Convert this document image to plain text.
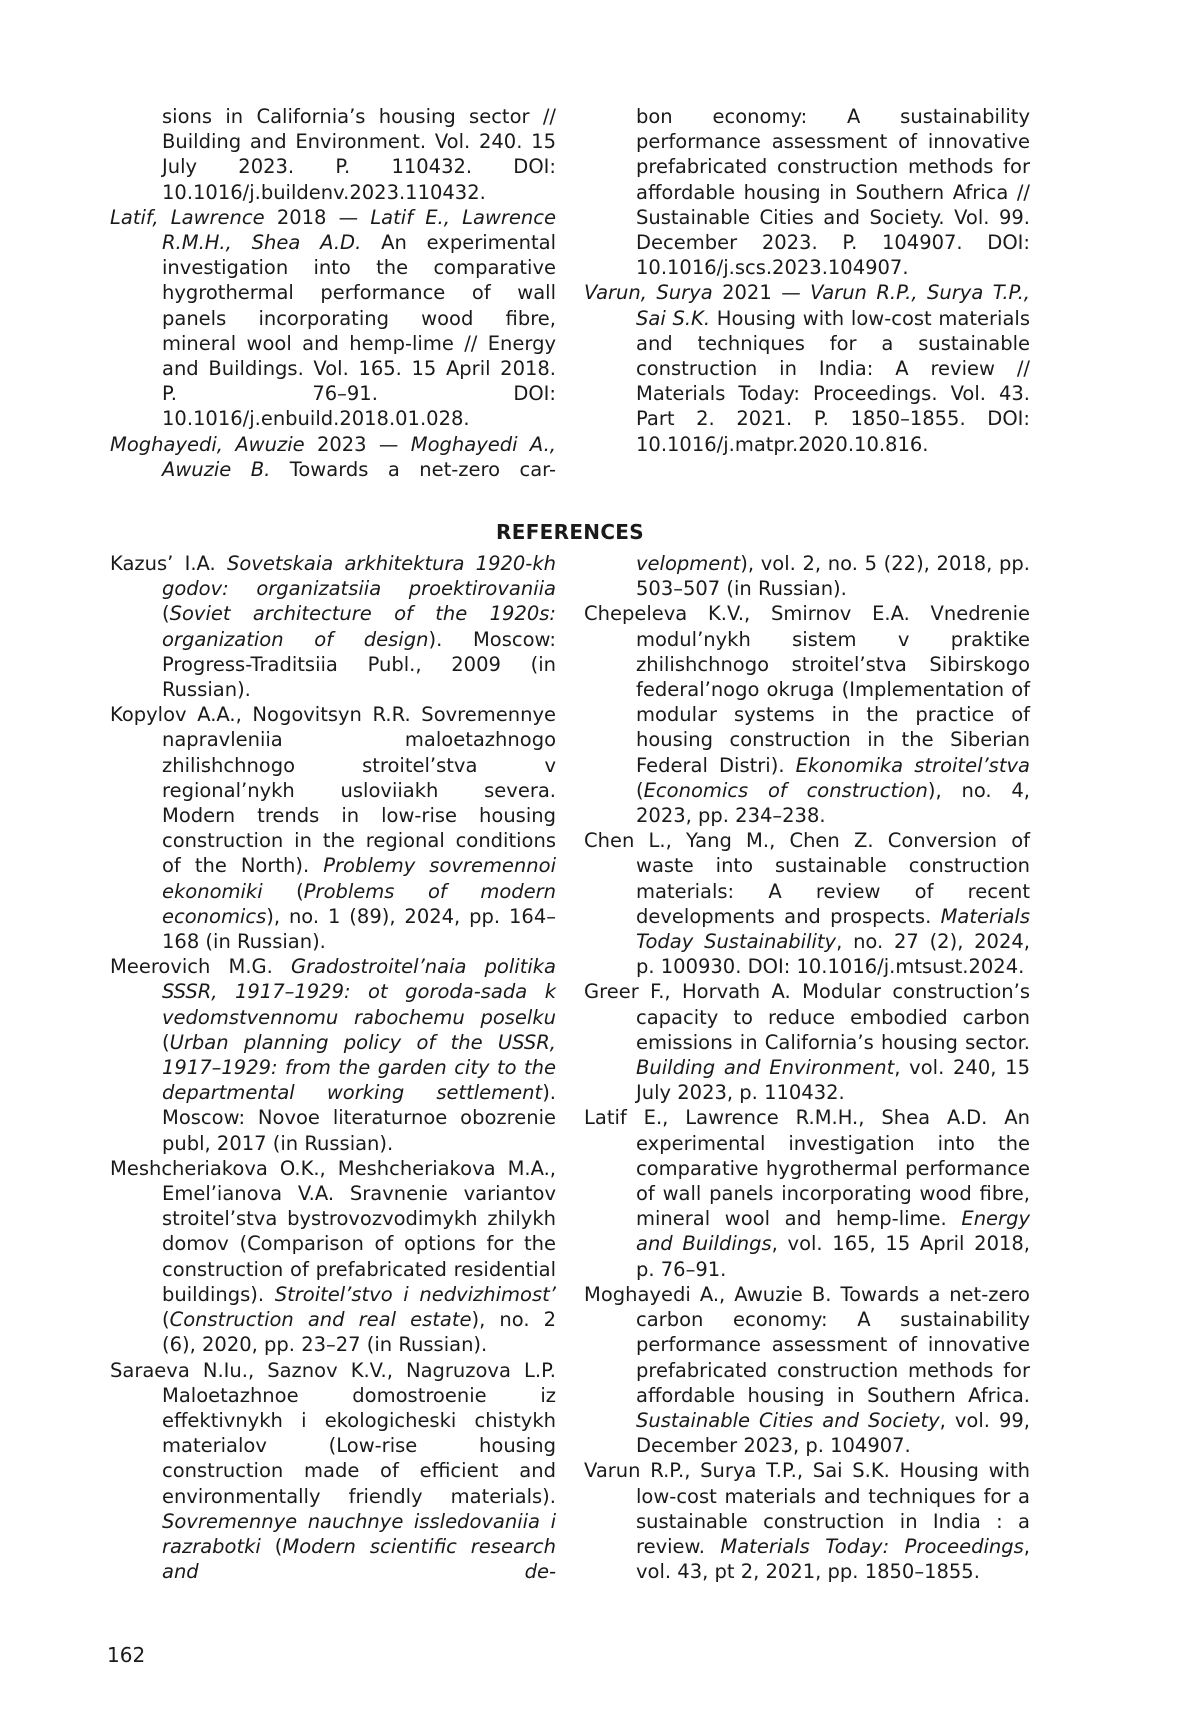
sions in California’s housing sector // Building and Environment. Vol. 240. 15 July 2023. P. 110432. DOI: 10.1016/j.buildenv.2023.110432.

Latif, Lawrence 2018 — Latif E., Lawrence R.M.H., Shea A.D. An experimental investigation into the comparative hygrothermal performance of wall panels incorporating wood fibre, mineral wool and hemp-lime // Energy and Buildings. Vol. 165. 15 April 2018. P. 76–91. DOI: 10.1016/j.enbuild.2018.01.028.

Moghayedi, Awuzie 2023 — Moghayedi A., Awuzie B. Towards a net-zero car-

bon economy: A sustainability performance assessment of innovative prefabricated construction methods for affordable housing in Southern Africa // Sustainable Cities and Society. Vol. 99. December 2023. P. 104907. DOI: 10.1016/j.scs.2023.104907.

Varun, Surya 2021 — Varun R.P., Surya T.P., Sai S.K. Housing with low-cost materials and techniques for a sustainable construction in India: A review // Materials Today: Proceedings. Vol. 43. Part 2. 2021. P. 1850–1855. DOI: 10.1016/j.matpr.2020.10.816.

REFERENCES

Kazus’ I.A. Sovetskaia arkhitektura 1920-kh godov: organizatsiia proektirovaniia (Soviet architecture of the 1920s: organization of design). Moscow: Progress-Traditsiia Publ., 2009 (in Russian).

Kopylov A.A., Nogovitsyn R.R. Sovremennye napravleniia maloetazhnogo zhilishchnogo stroitel’stva v regional’nykh usloviiakh severa. Modern trends in low-rise housing construction in the regional conditions of the North). Problemy sovremennoi ekonomiki (Problems of modern economics), no. 1 (89), 2024, pp. 164–168 (in Russian).

Meerovich M.G. Gradostroitel’naia politika SSSR, 1917–1929: ot goroda-sada k vedomstvennomu rabochemu poselku (Urban planning policy of the USSR, 1917–1929: from the garden city to the departmental working settlement). Moscow: Novoe literaturnoe obozrenie publ, 2017 (in Russian).

Meshcheriakova O.K., Meshcheriakova M.A., Emel’ianova V.A. Sravnenie variantov stroitel’stva bystrovozvodimykh zhilykh domov (Comparison of options for the construction of prefabricated residential buildings). Stroitel’stvo i nedvizhimost’ (Construction and real estate), no. 2 (6), 2020, pp. 23–27 (in Russian).

Saraeva N.Iu., Saznov K.V., Nagruzova L.P. Maloetazhnoe domostroenie iz effektivnykh i ekologicheski chistykh materialov (Low-rise housing construction made of efficient and environmentally friendly materials). Sovremennye nauchnye issledovaniia i razrabotki (Modern scientific research and de-

velopment), vol. 2, no. 5 (22), 2018, pp. 503–507 (in Russian).

Chepeleva K.V., Smirnov E.A. Vnedrenie modul’nykh sistem v praktike zhilishchnogo stroitel’stva Sibirskogo federal’nogo okruga (Implementation of modular systems in the practice of housing construction in the Siberian Federal Distri). Ekonomika stroitel’stva (Economics of construction), no. 4, 2023, pp. 234–238.

Chen L., Yang M., Chen Z. Conversion of waste into sustainable construction materials: A review of recent developments and prospects. Materials Today Sustainability, no. 27 (2), 2024, p. 100930. DOI: 10.1016/j.mtsust.2024.

Greer F., Horvath A. Modular construction’s capacity to reduce embodied carbon emissions in California’s housing sector. Building and Environment, vol. 240, 15 July 2023, p. 110432.

Latif E., Lawrence R.M.H., Shea A.D. An experimental investigation into the comparative hygrothermal performance of wall panels incorporating wood fibre, mineral wool and hemp-lime. Energy and Buildings, vol. 165, 15 April 2018, p. 76–91.

Moghayedi A., Awuzie B. Towards a net-zero carbon economy: A sustainability performance assessment of innovative prefabricated construction methods for affordable housing in Southern Africa. Sustainable Cities and Society, vol. 99, December 2023, p. 104907.

Varun R.P., Surya T.P., Sai S.K. Housing with low-cost materials and techniques for a sustainable construction in India : a review. Materials Today: Proceedings, vol. 43, pt 2, 2021, pp. 1850–1855.

162
